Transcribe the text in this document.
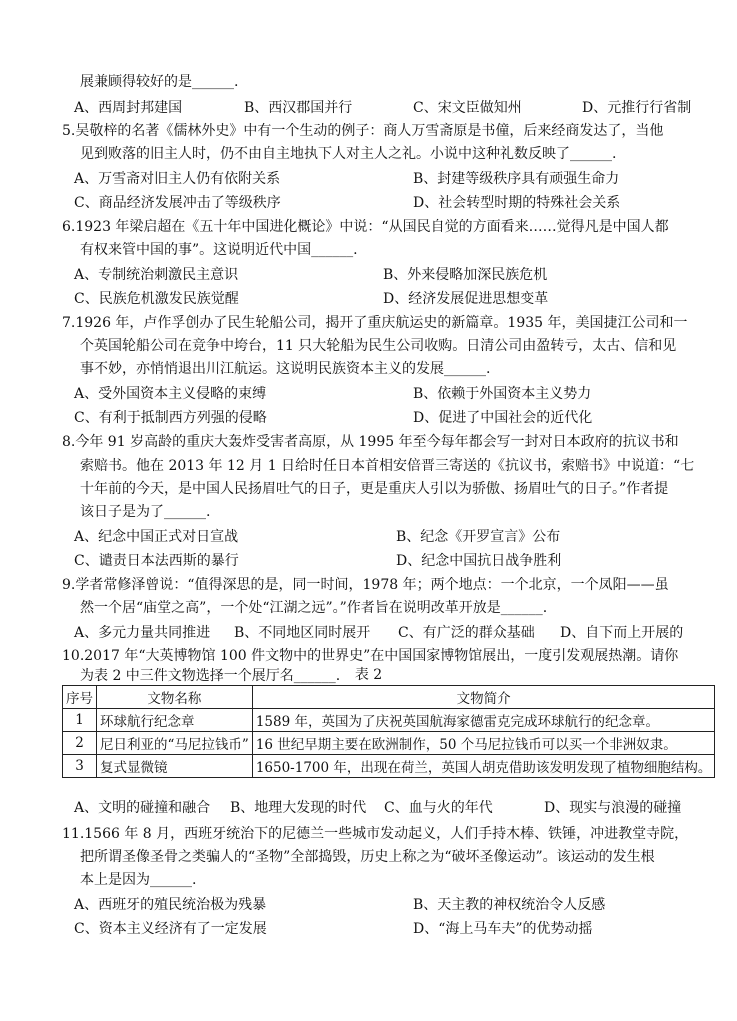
展兼顾得较好的是______.
A、西周封邦建国	B、西汉郡国并行	C、宋文臣做知州	D、元推行行省制
5.吴敬梓的名著《儒林外史》中有一个生动的例子：商人万雪斋原是书僮，后来经商发达了，当他
见到败落的旧主人时，仍不由自主地执下人对主人之礼。小说中这种礼数反映了______.
A、万雪斋对旧主人仍有依附关系	B、封建等级秩序具有顽强生命力
C、商品经济发展冲击了等级秩序	D、社会转型时期的特殊社会关系
6.1923 年梁启超在《五十年中国进化概论》中说：“从国民自觉的方面看来……觉得凡是中国人都
有权来管中国的事”。这说明近代中国______.
A、专制统治刺激民主意识	B、外来侵略加深民族危机
C、民族危机激发民族觉醒	D、经济发展促进思想变革
7.1926 年，卢作孚创办了民生轮船公司，揭开了重庆航运史的新篇章。1935 年，美国捷江公司和一
个英国轮船公司在竞争中垮台，11 只大轮船为民生公司收购。日清公司由盈转亏，太古、信和见
事不妙，亦悄悄退出川江航运。这说明民族资本主义的发展______.
A、受外国资本主义侵略的束缚	B、依赖于外国资本主义势力
C、有利于抵制西方列强的侵略	D、促进了中国社会的近代化
8.今年 91 岁高龄的重庆大轰炸受害者高原，从 1995 年至今每年都会写一封对日本政府的抗议书和
索赔书。他在 2013 年 12 月 1 日给时任日本首相安倍晋三寄送的《抗议书，索赔书》中说道：“七
十年前的今天，是中国人民扬眉吐气的日子，更是重庆人引以为骄傲、扬眉吐气的日子。”作者提
该日子是为了______.
A、纪念中国正式对日宣战	B、纪念《开罗宣言》公布
C、谴责日本法西斯的暴行	D、纪念中国抗日战争胜利
9.学者常修泽曾说：“值得深思的是，同一时间，1978 年；两个地点：一个北京，一个凤阳——虽
然一个居“庙堂之高”，一个处“江湖之远”。”作者旨在说明改革开放是______.
A、多元力量共同推进 B、不同地区同时展开 C、有广泛的群众基础 D、自下而上开展的
10.2017 年“大英博物馆 100 件文物中的世界史”在中国国家博物馆展出，一度引发观展热潮。请你
为表 2 中三件文物选择一个展厅名______.	表 2
序号	文物名称	文物简介
1	环球航行纪念章	1589 年，英国为了庆祝英国航海家德雷克完成环球航行的纪念章。
2	尼日利亚的“马尼拉钱币”	16 世纪早期主要在欧洲制作，50 个马尼拉钱币可以买一个非洲奴隶。
3	复式显微镜	1650-1700 年，出现在荷兰，英国人胡克借助该发明发现了植物细胞结构。
A、文明的碰撞和融合 B、地理大发现的时代 C、血与火的年代	D、现实与浪漫的碰撞
11.1566 年 8 月，西班牙统治下的尼德兰一些城市发动起义，人们手持木棒、铁锤，冲进教堂寺院，
把所谓圣像圣骨之类骗人的“圣物”全部捣毁，历史上称之为“破坏圣像运动”。该运动的发生根
本上是因为______.
A、西班牙的殖民统治极为残暴	B、天主教的神权统治令人反感
C、资本主义经济有了一定发展	D、“海上马车夫”的优势动摇
